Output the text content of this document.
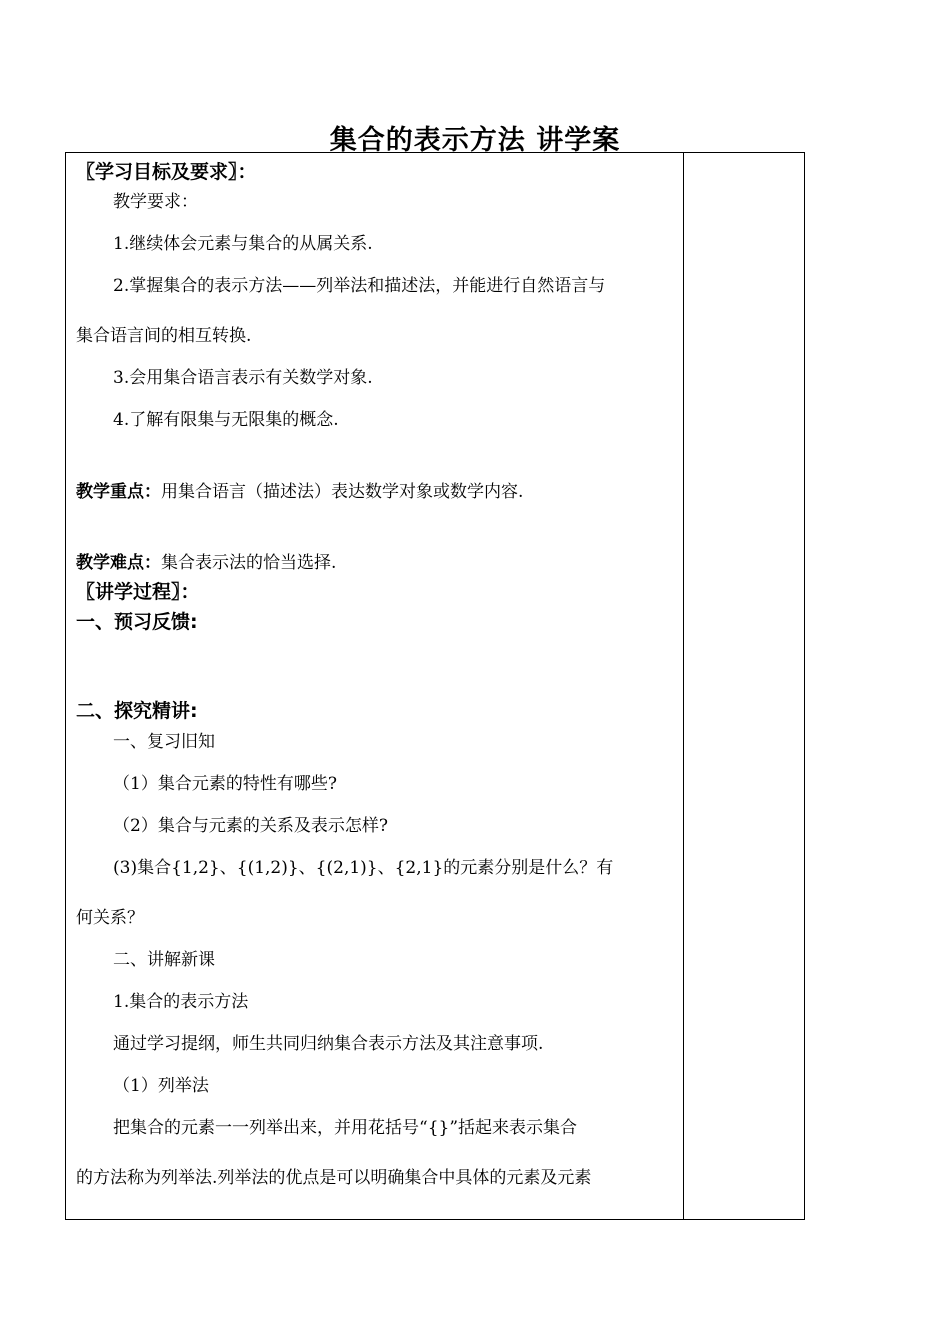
集合的表示方法 讲学案
〖学习目标及要求〗：
教学要求：
1.继续体会元素与集合的从属关系.
2.掌握集合的表示方法——列举法和描述法，并能进行自然语言与
集合语言间的相互转换.
3.会用集合语言表示有关数学对象.
4.了解有限集与无限集的概念.
教学重点：用集合语言（描述法）表达数学对象或数学内容.
教学难点：集合表示法的恰当选择.
〖讲学过程〗：
一、预习反馈:
二、探究精讲:
一、复习旧知
（1）集合元素的特性有哪些?
（2）集合与元素的关系及表示怎样?
(3)集合{1,2}、{(1,2)}、{(2,1)}、{2,1}的元素分别是什么？有
何关系？
二、讲解新课
1.集合的表示方法
通过学习提纲，师生共同归纳集合表示方法及其注意事项.
（1）列举法
把集合的元素一一列举出来，并用花括号“{}”括起来表示集合
的方法称为列举法.列举法的优点是可以明确集合中具体的元素及元素
